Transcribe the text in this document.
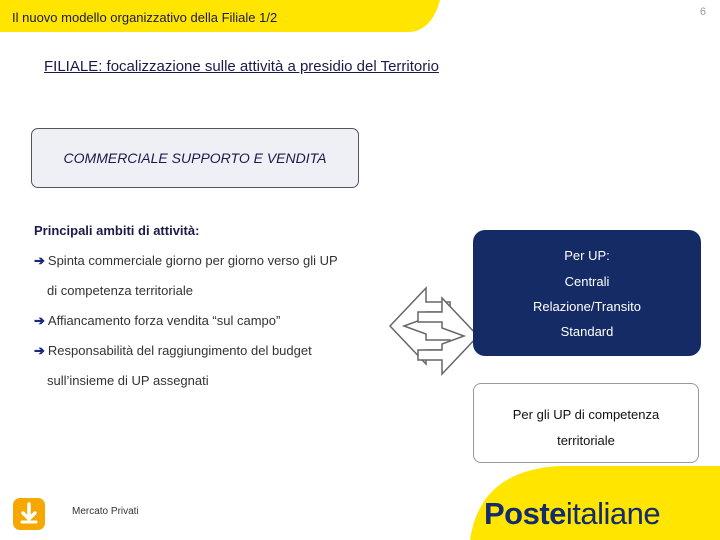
Il nuovo modello organizzativo della Filiale 1/2	6
FILIALE: focalizzazione sulle attività a presidio del Territorio
COMMERCIALE SUPPORTO E VENDITA
Principali ambiti di attività:
➔ Spinta commerciale giorno per giorno verso gli UP
di competenza territoriale
➔ Affiancamento forza vendita “sul campo”
➔ Responsabilità del raggiungimento del budget
sull’insieme di UP assegnati
Per UP:
Centrali
Relazione/Transito
Standard
Per gli UP di competenza
territoriale
Mercato Privati	Posteitaliane
